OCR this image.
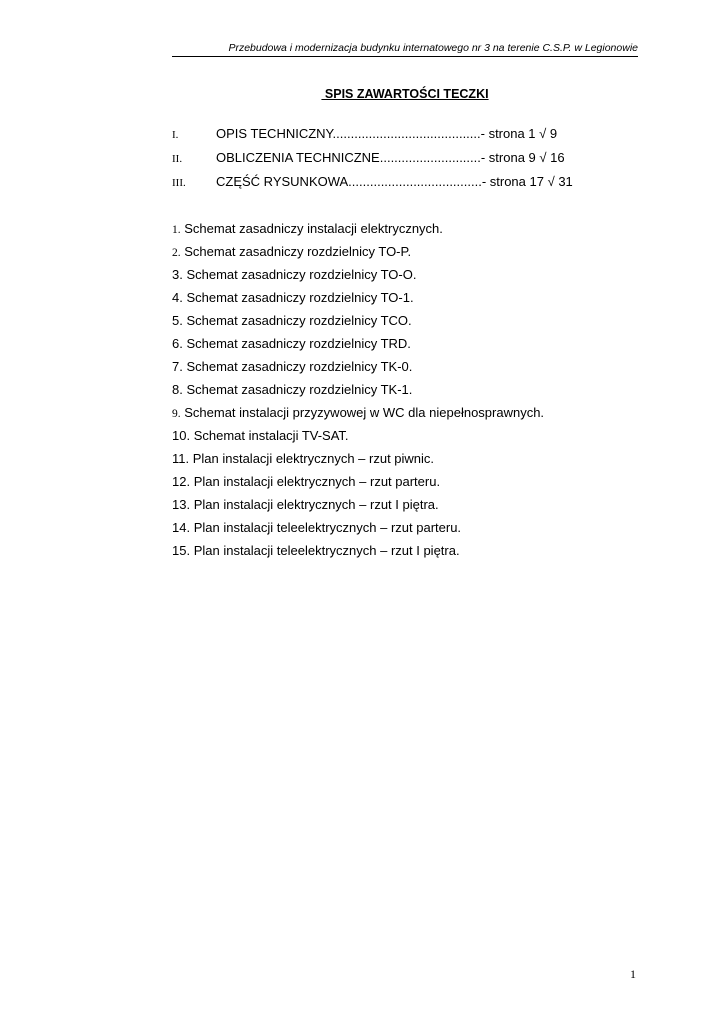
Przebudowa i modernizacja budynku internatowego nr 3 na terenie C.S.P. w Legionowie
SPIS ZAWARTOŚCI TECZKI
I.	OPIS TECHNICZNY.........................................- strona 1 √ 9
II.	OBLICZENIA TECHNICZNE............................- strona 9 √ 16
III. CZĘŚĆ RYSUNKOWA.....................................- strona 17 √ 31
1. Schemat zasadniczy instalacji elektrycznych.
2. Schemat zasadniczy rozdzielnicy TO-P.
3. Schemat zasadniczy rozdzielnicy TO-O.
4. Schemat zasadniczy rozdzielnicy TO-1.
5. Schemat zasadniczy rozdzielnicy TCO.
6. Schemat zasadniczy rozdzielnicy TRD.
7. Schemat zasadniczy rozdzielnicy TK-0.
8. Schemat zasadniczy rozdzielnicy TK-1.
9. Schemat instalacji przyzywowej w WC dla niepełnosprawnych.
10. Schemat instalacji TV-SAT.
11. Plan instalacji elektrycznych – rzut piwnic.
12. Plan instalacji elektrycznych – rzut parteru.
13. Plan instalacji elektrycznych – rzut I piętra.
14. Plan instalacji teleelektrycznych – rzut parteru.
15. Plan instalacji teleelektrycznych – rzut I piętra.
1
